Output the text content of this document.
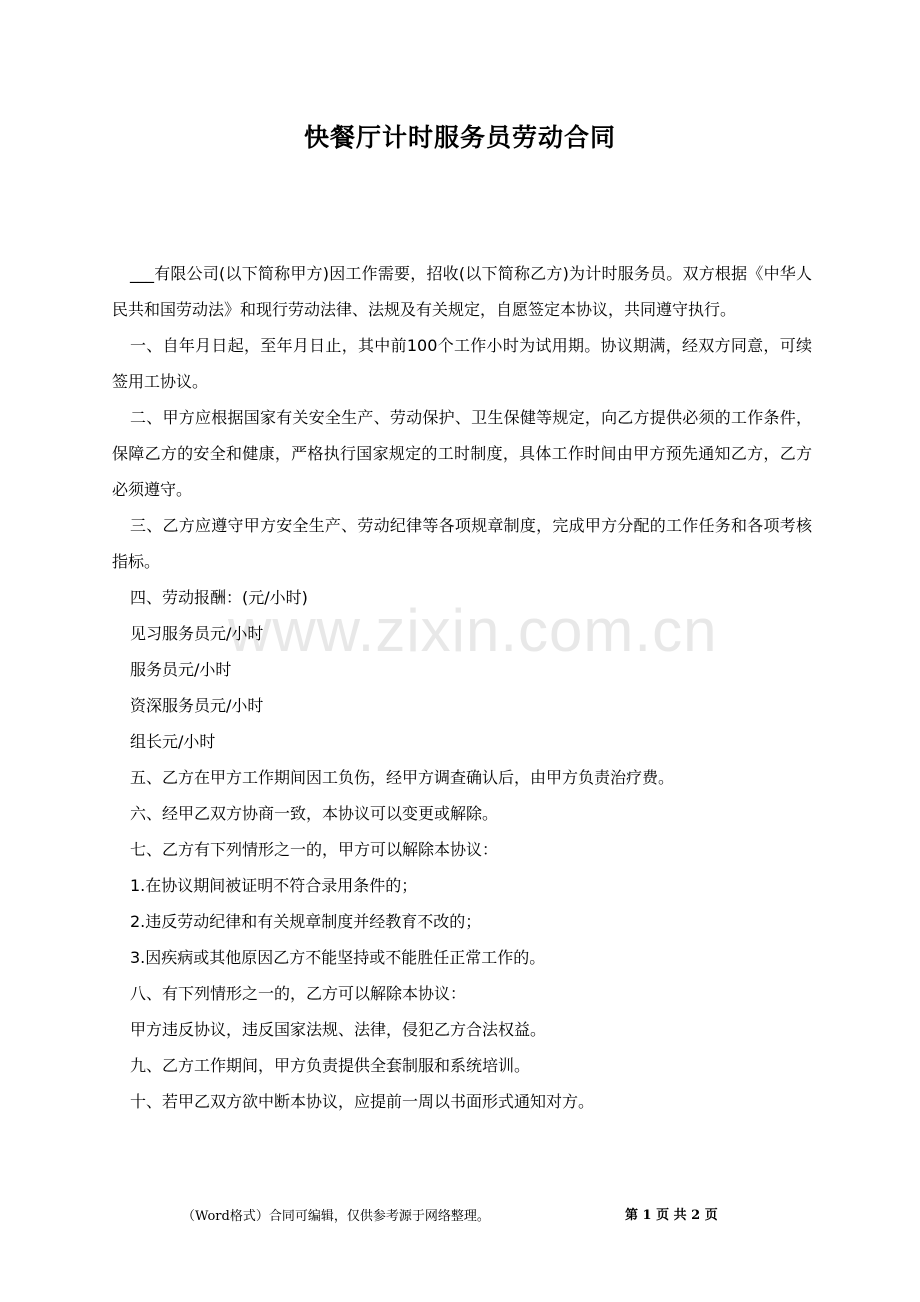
www.zixin.com.cn
快餐厅计时服务员劳动合同

___有限公司(以下简称甲方)因工作需要，招收(以下简称乙方)为计时服务员。双方根据《中华人民共和国劳动法》和现行劳动法律、法规及有关规定，自愿签定本协议，共同遵守执行。

一、自年月日起，至年月日止，其中前100个工作小时为试用期。协议期满，经双方同意，可续签用工协议。

二、甲方应根据国家有关安全生产、劳动保护、卫生保健等规定，向乙方提供必须的工作条件，保障乙方的安全和健康，严格执行国家规定的工时制度，具体工作时间由甲方预先通知乙方，乙方必须遵守。

三、乙方应遵守甲方安全生产、劳动纪律等各项规章制度，完成甲方分配的工作任务和各项考核指标。

四、劳动报酬：(元/小时)

见习服务员元/小时

服务员元/小时

资深服务员元/小时

组长元/小时

五、乙方在甲方工作期间因工负伤，经甲方调查确认后，由甲方负责治疗费。

六、经甲乙双方协商一致，本协议可以变更或解除。

七、乙方有下列情形之一的，甲方可以解除本协议：

1.在协议期间被证明不符合录用条件的；

2.违反劳动纪律和有关规章制度并经教育不改的；

3.因疾病或其他原因乙方不能坚持或不能胜任正常工作的。

八、有下列情形之一的，乙方可以解除本协议：

甲方违反协议，违反国家法规、法律，侵犯乙方合法权益。

九、乙方工作期间，甲方负责提供全套制服和系统培训。

十、若甲乙双方欲中断本协议，应提前一周以书面形式通知对方。

（Word格式）合同可编辑，仅供参考源于网络整理。	第 1 页 共 2 页
